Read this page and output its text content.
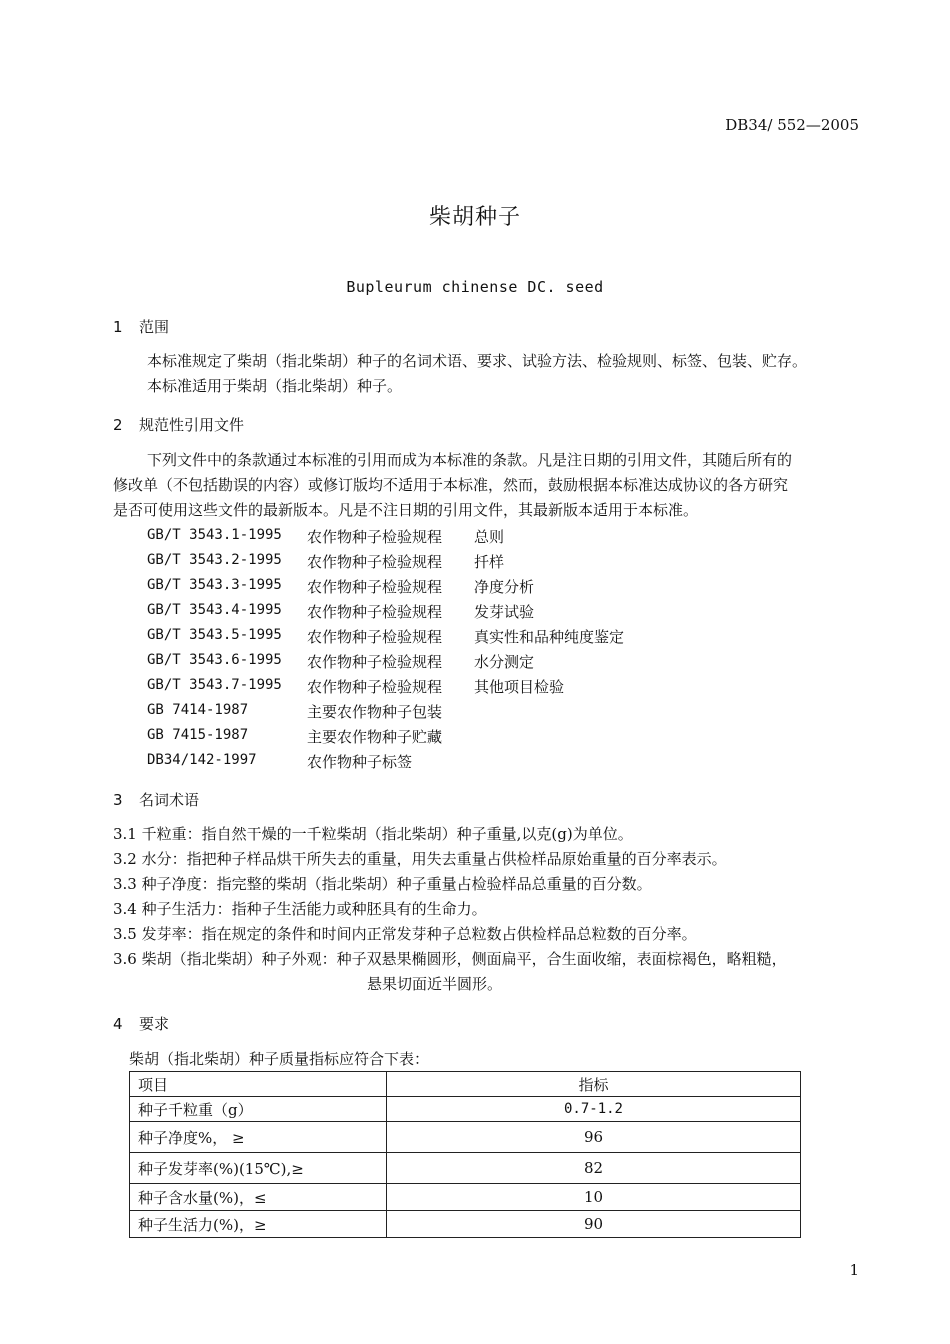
DB34/ 552—2005
柴胡种子
Bupleurum chinense DC. seed
1 范围
本标准规定了柴胡（指北柴胡）种子的名词术语、要求、试验方法、检验规则、标签、包装、贮存。
本标准适用于柴胡（指北柴胡）种子。
2 规范性引用文件
下列文件中的条款通过本标准的引用而成为本标准的条款。凡是注日期的引用文件，其随后所有的
修改单（不包括勘误的内容）或修订版均不适用于本标准，然而，鼓励根据本标准达成协议的各方研究
是否可使用这些文件的最新版本。凡是不注日期的引用文件，其最新版本适用于本标准。
GB/T 3543.1-1995 农作物种子检验规程 总则
GB/T 3543.2-1995 农作物种子检验规程 扦样
GB/T 3543.3-1995 农作物种子检验规程 净度分析
GB/T 3543.4-1995 农作物种子检验规程 发芽试验
GB/T 3543.5-1995 农作物种子检验规程 真实性和品种纯度鉴定
GB/T 3543.6-1995 农作物种子检验规程 水分测定
GB/T 3543.7-1995 农作物种子检验规程 其他项目检验
GB 7414-1987	主要农作物种子包装
GB 7415-1987	主要农作物种子贮藏
DB34/142-1997	农作物种子标签
3 名词术语
3.1 千粒重：指自然干燥的一千粒柴胡（指北柴胡）种子重量,以克(g)为单位。
3.2 水分：指把种子样品烘干所失去的重量，用失去重量占供检样品原始重量的百分率表示。
3.3 种子净度：指完整的柴胡（指北柴胡）种子重量占检验样品总重量的百分数。
3.4 种子生活力：指种子生活能力或种胚具有的生命力。
3.5 发芽率：指在规定的条件和时间内正常发芽种子总粒数占供检样品总粒数的百分率。
3.6 柴胡（指北柴胡）种子外观：种子双悬果椭圆形，侧面扁平，合生面收缩，表面棕褐色，略粗糙，
悬果切面近半圆形。
4 要求
柴胡（指北柴胡）种子质量指标应符合下表：
项目	指标
种子千粒重（g）	0.7-1.2
种子净度%， ≥	96
种子发芽率(%)(15℃),≥	82
种子含水量(%)，≤	10
种子生活力(%)，≥	90
1
